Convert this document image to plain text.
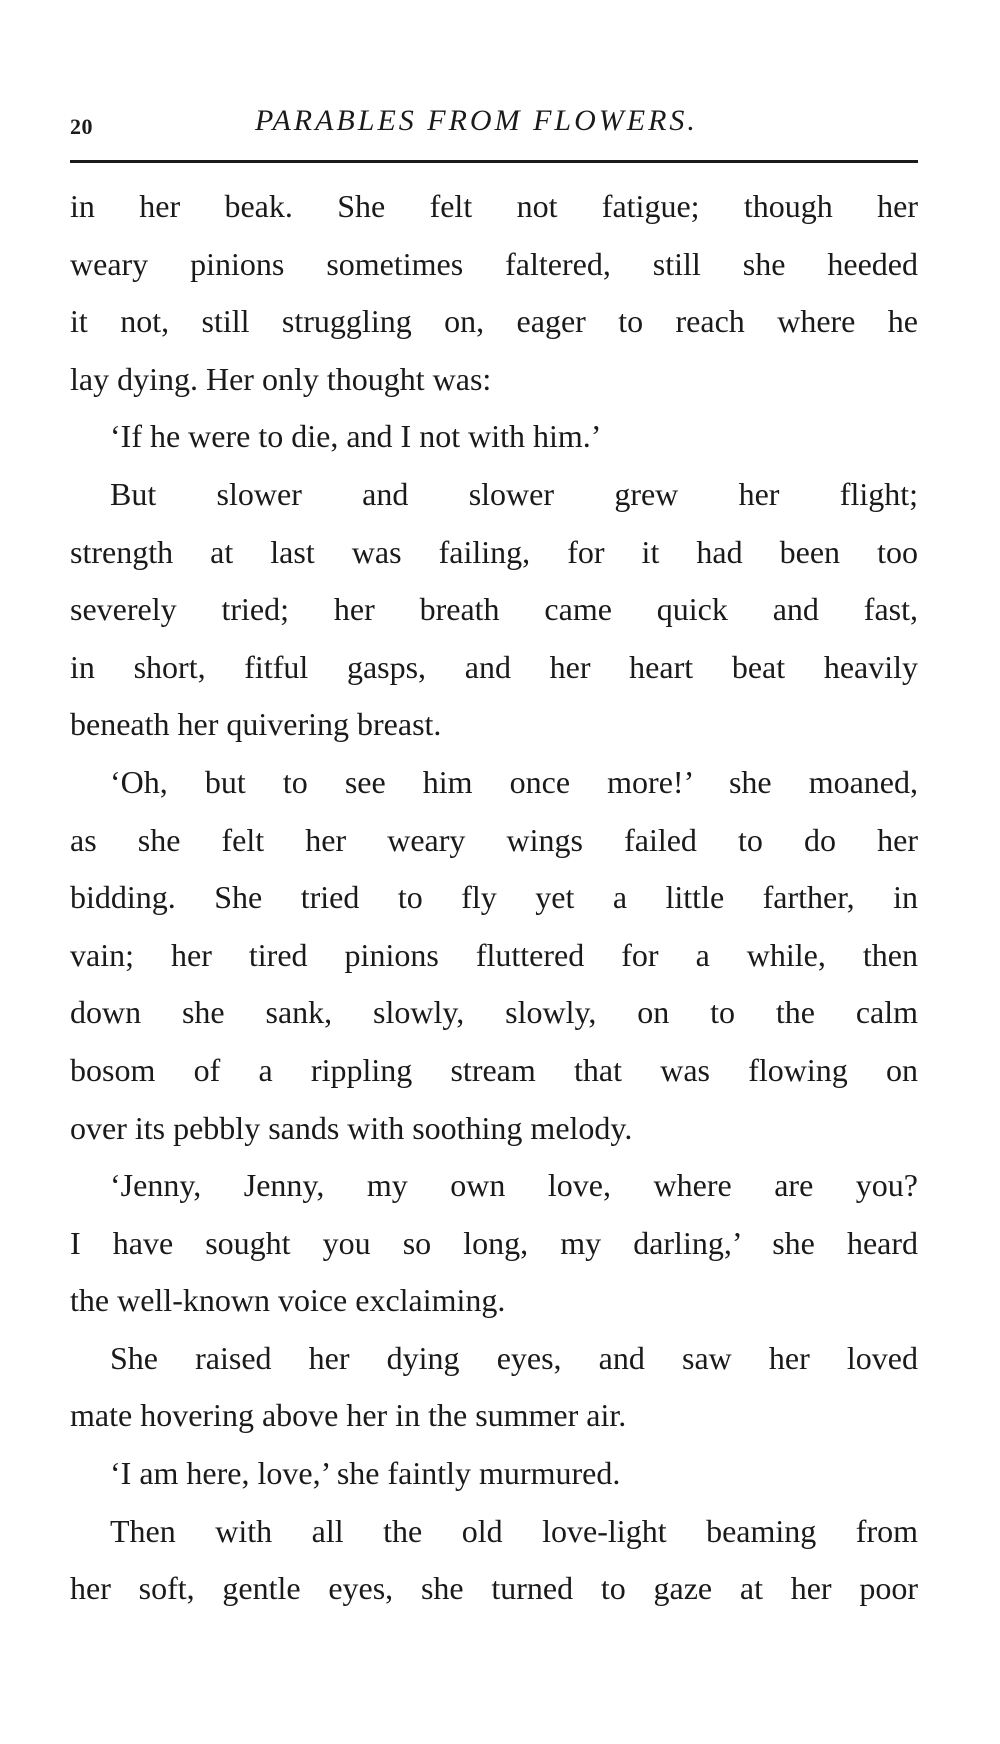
20	PARABLES FROM FLOWERS.
in her beak. She felt not fatigue; though her
weary pinions sometimes faltered, still she heeded
it not, still struggling on, eager to reach where he
lay dying. Her only thought was:
‘If he were to die, and I not with him.’
But slower and slower grew her flight;
strength at last was failing, for it had been too
severely tried; her breath came quick and fast,
in short, fitful gasps, and her heart beat heavily
beneath her quivering breast.
‘Oh, but to see him once more!’ she moaned,
as she felt her weary wings failed to do her
bidding. She tried to fly yet a little farther, in
vain; her tired pinions fluttered for a while, then
down she sank, slowly, slowly, on to the calm
bosom of a rippling stream that was flowing on
over its pebbly sands with soothing melody.
‘Jenny, Jenny, my own love, where are you?
I have sought you so long, my darling,’ she heard
the well-known voice exclaiming.
She raised her dying eyes, and saw her loved
mate hovering above her in the summer air.
‘I am here, love,’ she faintly murmured.
Then with all the old love-light beaming from
her soft, gentle eyes, she turned to gaze at her poor
